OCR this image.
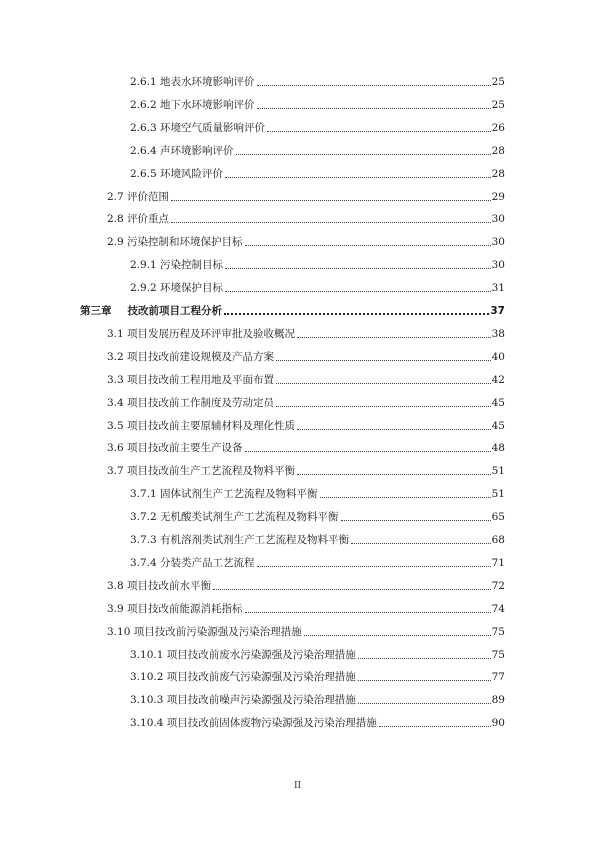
2.6.1 地表水环境影响评价	25
2.6.2 地下水环境影响评价	25
2.6.3 环境空气质量影响评价	26
2.6.4 声环境影响评价	28
2.6.5 环境风险评价	28
2.7 评价范围	29
2.8 评价重点	30
2.9 污染控制和环境保护目标	30
2.9.1 污染控制目标	30
2.9.2 环境保护目标	31
第三章 技改前项目工程分析	37
3.1 项目发展历程及环评审批及验收概况	38
3.2 项目技改前建设规模及产品方案	40
3.3 项目技改前工程用地及平面布置	42
3.4 项目技改前工作制度及劳动定员	45
3.5 项目技改前主要原辅材料及理化性质	45
3.6 项目技改前主要生产设备	48
3.7 项目技改前生产工艺流程及物料平衡	51
3.7.1 固体试剂生产工艺流程及物料平衡	51
3.7.2 无机酸类试剂生产工艺流程及物料平衡	65
3.7.3 有机溶剂类试剂生产工艺流程及物料平衡	68
3.7.4 分装类产品工艺流程	71
3.8 项目技改前水平衡	72
3.9 项目技改前能源消耗指标	74
3.10 项目技改前污染源强及污染治理措施	75
3.10.1 项目技改前废水污染源强及污染治理措施	75
3.10.2 项目技改前废气污染源强及污染治理措施	77
3.10.3 项目技改前噪声污染源强及污染治理措施	89
3.10.4 项目技改前固体废物污染源强及污染治理措施	90
II
